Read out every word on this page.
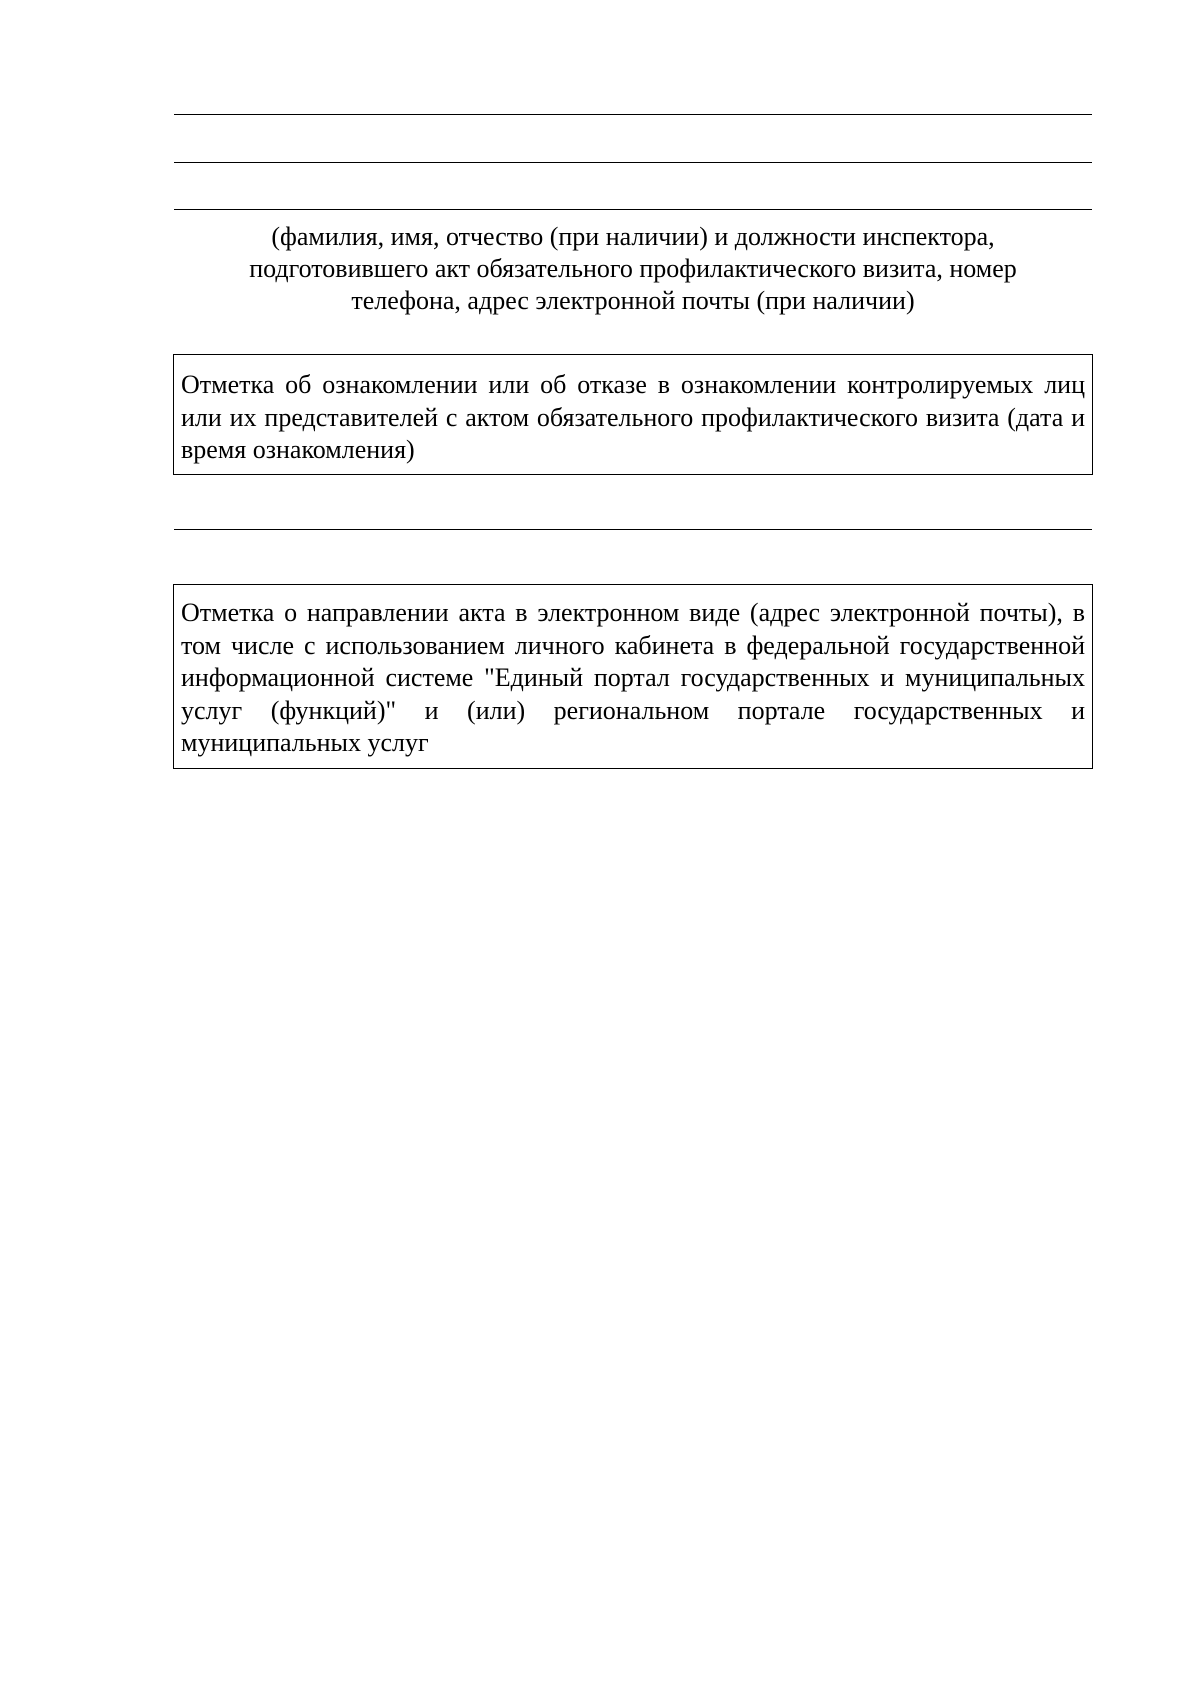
(фамилия, имя, отчество (при наличии) и должности инспектора,
подготовившего акт обязательного профилактического визита, номер
телефона, адрес электронной почты (при наличии)

Отметка об ознакомлении или об отказе в ознакомлении контролируемых лиц или их представителей с актом обязательного профилактического визита (дата и время ознакомления)

Отметка о направлении акта в электронном виде (адрес электронной почты), в том числе с использованием личного кабинета в федеральной государственной информационной системе "Единый портал государственных и муниципальных услуг (функций)" и (или) региональном портале государственных и муниципальных услуг
